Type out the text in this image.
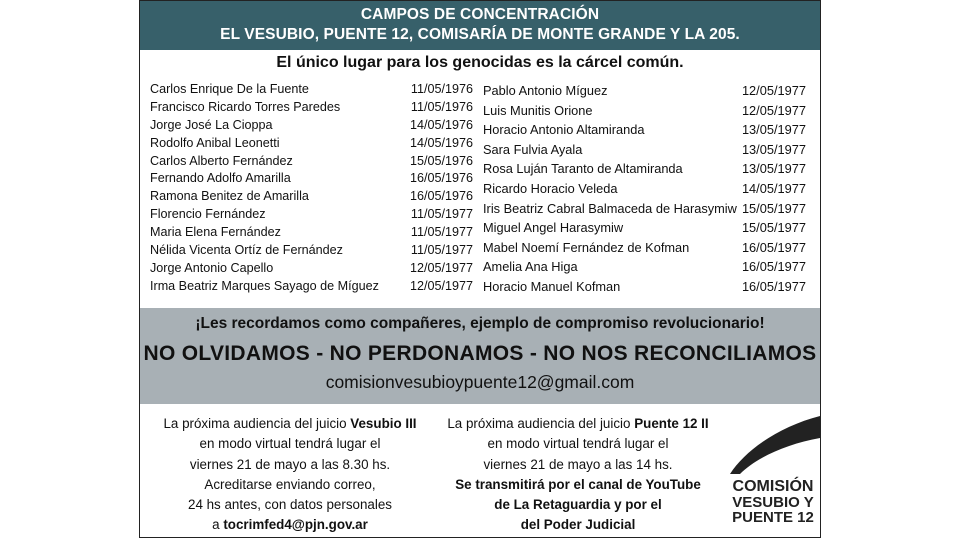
CAMPOS DE CONCENTRACIÓN
EL VESUBIO, PUENTE 12, COMISARÍA DE MONTE GRANDE Y LA 205.
El único lugar para los genocidas es la cárcel común.
Carlos Enrique De la Fuente	11/05/1976
Francisco Ricardo Torres Paredes	11/05/1976
Jorge José La Cioppa	14/05/1976
Rodolfo Anibal Leonetti	14/05/1976
Carlos Alberto Fernández	15/05/1976
Fernando Adolfo Amarilla	16/05/1976
Ramona Benitez de Amarilla	16/05/1976
Florencio Fernández	11/05/1977
Maria Elena Fernández	11/05/1977
Nélida Vicenta Ortíz de Fernández	11/05/1977
Jorge Antonio Capello	12/05/1977
Irma Beatriz Marques Sayago de Míguez 12/05/1977
Pablo Antonio Míguez	12/05/1977
Luis Munitis Orione	12/05/1977
Horacio Antonio Altamiranda	13/05/1977
Sara Fulvia Ayala	13/05/1977
Rosa Luján Taranto de Altamiranda	13/05/1977
Ricardo Horacio Veleda	14/05/1977
Iris Beatriz Cabral Balmaceda de Harasymiw 15/05/1977
Miguel Angel Harasymiw	15/05/1977
Mabel Noemí Fernández de Kofman	16/05/1977
Amelia Ana Higa	16/05/1977
Horacio Manuel Kofman	16/05/1977
¡Les recordamos como compañeres, ejemplo de compromiso revolucionario!
NO OLVIDAMOS - NO PERDONAMOS - NO NOS RECONCILIAMOS
comisionvesubioypuente12@gmail.com
La próxima audiencia del juicio Vesubio III
en modo virtual tendrá lugar el
viernes 21 de mayo a las 8.30 hs.
Acreditarse enviando correo,
24 hs antes, con datos personales
a tocrimfed4@pjn.gov.ar
La próxima audiencia del juicio Puente 12 II
en modo virtual tendrá lugar el
viernes 21 de mayo a las 14 hs.
Se transmitirá por el canal de YouTube
de La Retaguardia y por el
del Poder Judicial
COMISIÓN
VESUBIO Y
PUENTE 12
